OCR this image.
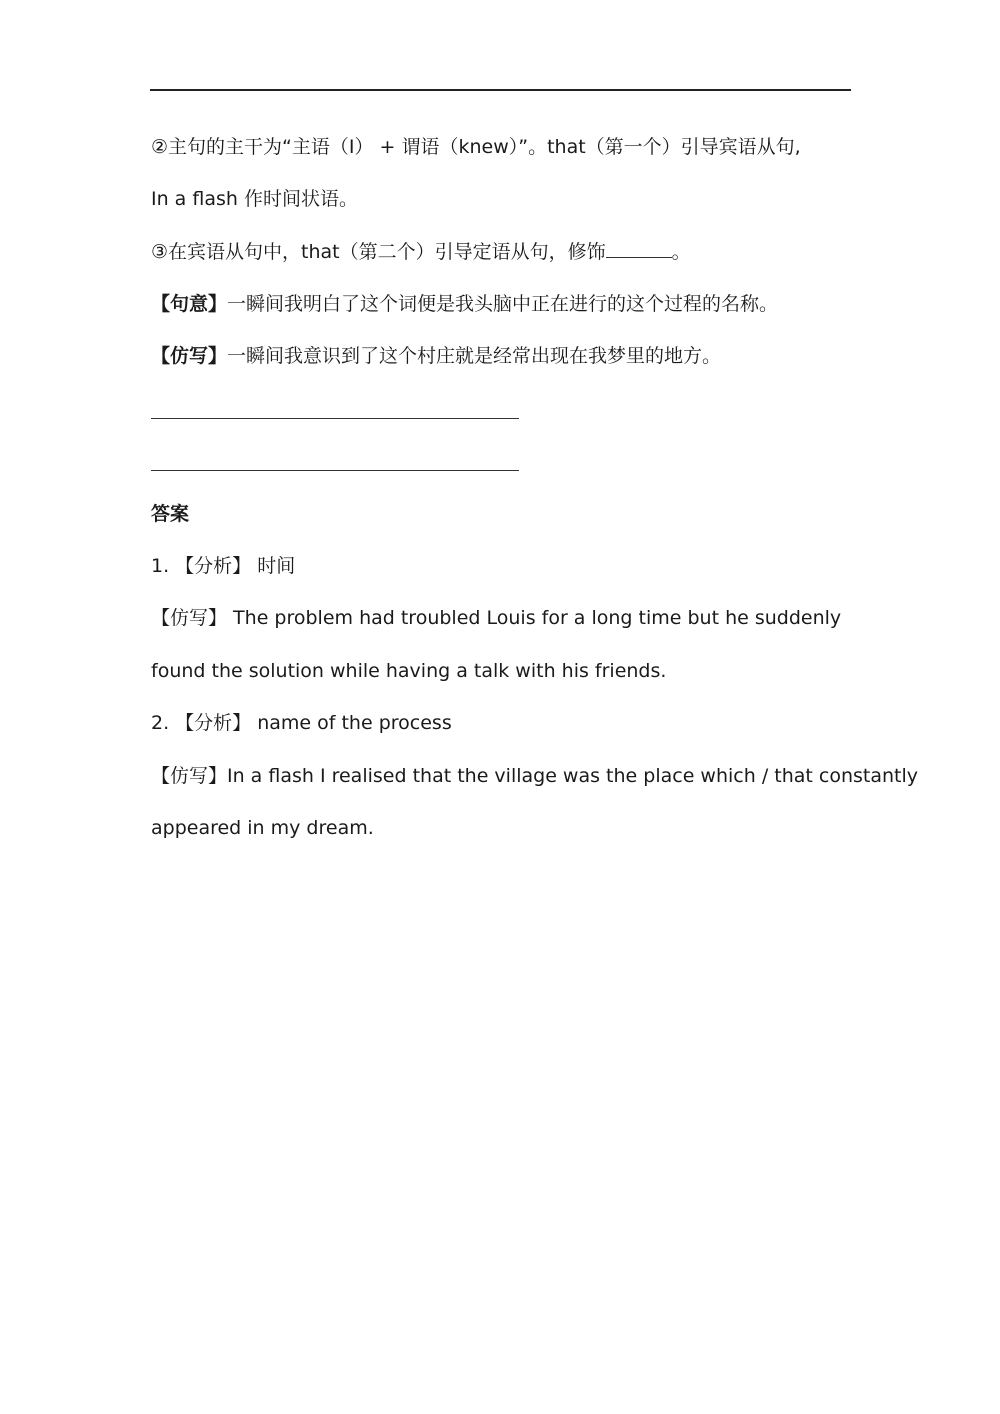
②主句的主干为“主语（I） + 谓语（knew）”。that（第一个）引导宾语从句,
In a flash 作时间状语。
③在宾语从句中，that（第二个）引导定语从句，修饰	。
【句意】一瞬间我明白了这个词便是我头脑中正在进行的这个过程的名称。
【仿写】一瞬间我意识到了这个村庄就是经常出现在我梦里的地方。
答案
1. 【分析】 时间
【仿写】 The problem had troubled Louis for a long time but he suddenly
found the solution while having a talk with his friends.
2. 【分析】 name of the process
【仿写】In a flash I realised that the village was the place which / that constantly
appeared in my dream.
